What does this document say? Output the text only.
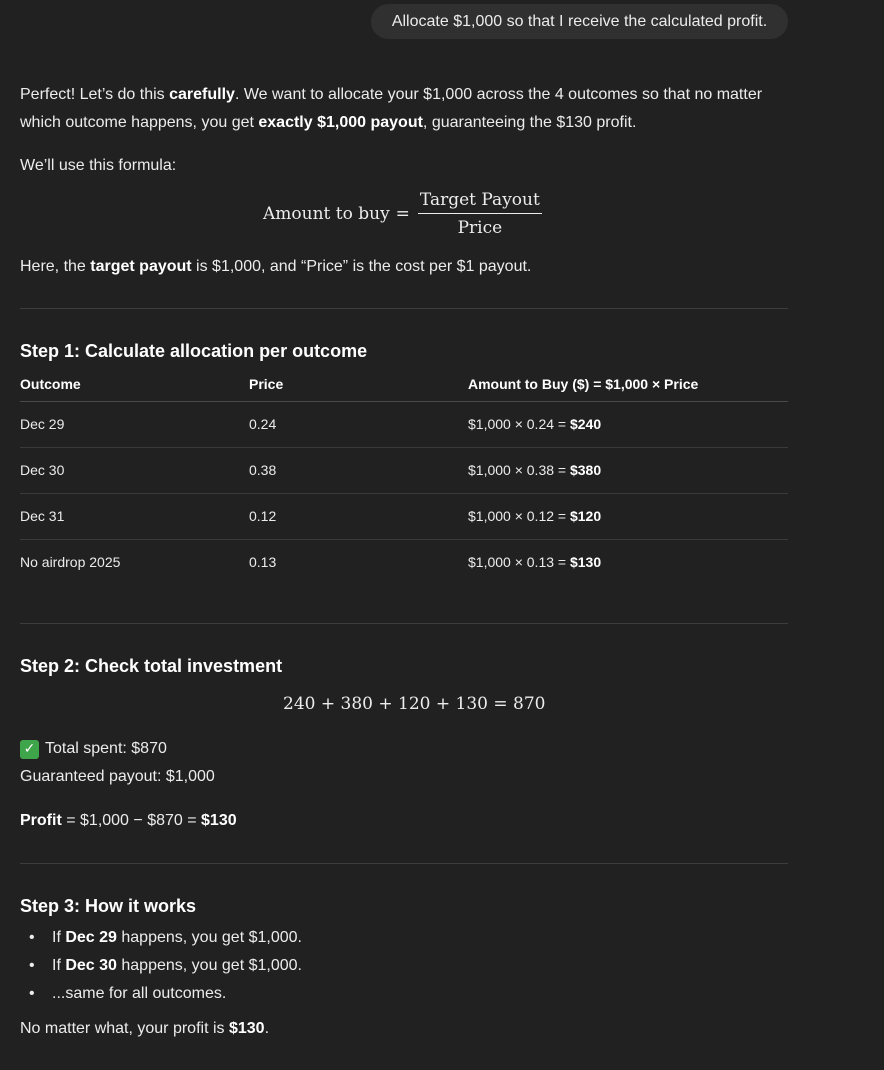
Allocate $1,000 so that I receive the calculated profit.

Perfect! Let’s do this carefully. We want to allocate your $1,000 across the 4 outcomes so that no matter which outcome happens, you get exactly $1,000 payout, guaranteeing the $130 profit.

We’ll use this formula:

Amount to buy = $\frac{\text{Target Payout}}{\text{Price}}$

Here, the target payout is $1,000, and “Price” is the cost per $1 payout.

Step 1: Calculate allocation per outcome
Outcome	Price	Amount to Buy ($) = $1,000 × Price
Dec 29	0.24	$1,000 × 0.24 = $240
Dec 30	0.38	$1,000 × 0.38 = $380
Dec 31	0.12	$1,000 × 0.12 = $120
No airdrop 2025	0.13	$1,000 × 0.13 = $130
Step 2: Check total investment
240 + 380 + 120 + 130 = 870

✓ Total spent: $870

Guaranteed payout: $1,000

Profit = $1,000 − $870 = $130

Step 3: How it works
• If Dec 29 happens, you get $1,000.
• If Dec 30 happens, you get $1,000.
• ...same for all outcomes.

No matter what, your profit is $130.
